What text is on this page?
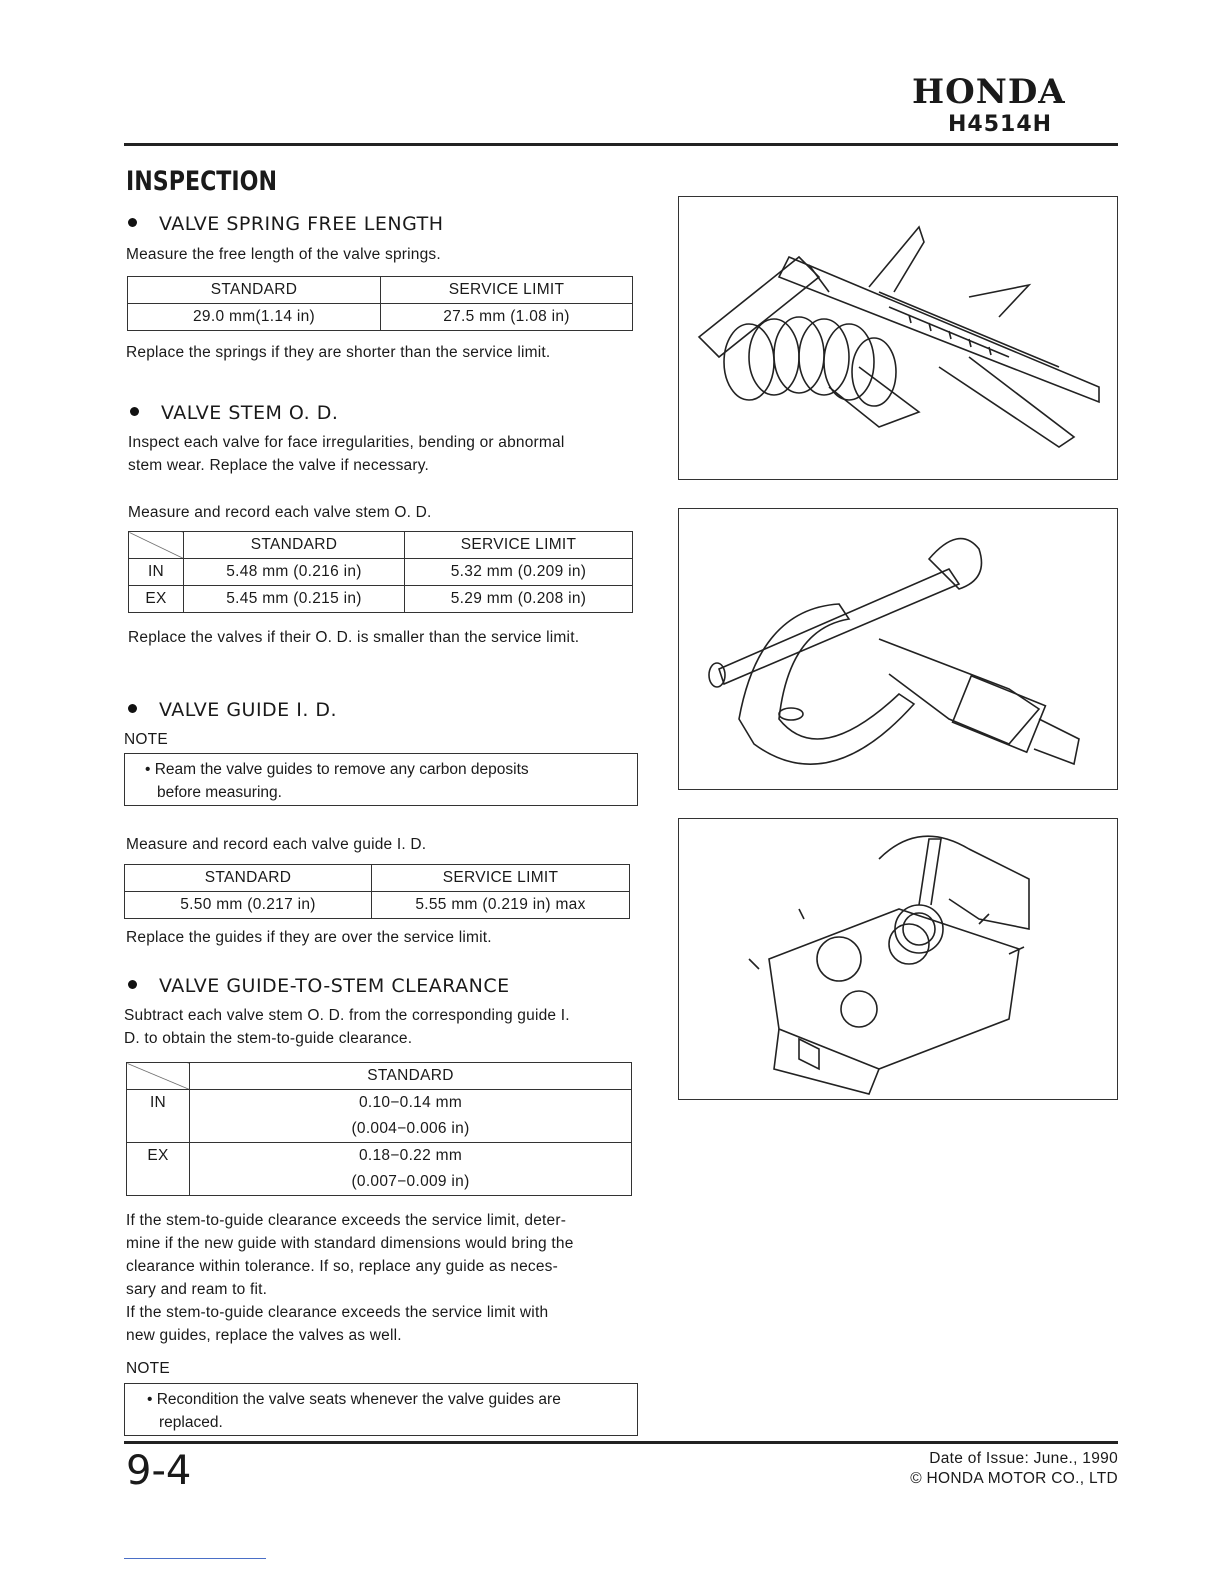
HONDA
H4514H
INSPECTION
VALVE SPRING FREE LENGTH
Measure the free length of the valve springs.
STANDARD	SERVICE LIMIT
29.0 mm(1.14 in)	27.5 mm (1.08 in)
Replace the springs if they are shorter than the service limit.
VALVE STEM O. D.
Inspect each valve for face irregularities, bending or abnormal
stem wear. Replace the valve if necessary.
Measure and record each valve stem O. D.
	STANDARD	SERVICE LIMIT
IN	5.48 mm (0.216 in)	5.32 mm (0.209 in)
EX	5.45 mm (0.215 in)	5.29 mm (0.208 in)
Replace the valves if their O. D. is smaller than the service limit.
VALVE GUIDE I. D.
NOTE
• Ream the valve guides to remove any carbon deposits
before measuring.
Measure and record each valve guide I. D.
STANDARD	SERVICE LIMIT
5.50 mm (0.217 in)	5.55 mm (0.219 in) max
Replace the guides if they are over the service limit.
VALVE GUIDE-TO-STEM CLEARANCE
Subtract each valve stem O. D. from the corresponding guide I.
D. to obtain the stem-to-guide clearance.
	STANDARD
IN	0.10−0.14 mm
	(0.004−0.006 in)
EX	0.18−0.22 mm
	(0.007−0.009 in)
If the stem-to-guide clearance exceeds the service limit, deter-
mine if the new guide with standard dimensions would bring the
clearance within tolerance. If so, replace any guide as neces-
sary and ream to fit.
If the stem-to-guide clearance exceeds the service limit with
new guides, replace the valves as well.
NOTE
• Recondition the valve seats whenever the valve guides are
replaced.
9-4	Date of Issue: June., 1990
© HONDA MOTOR CO., LTD
